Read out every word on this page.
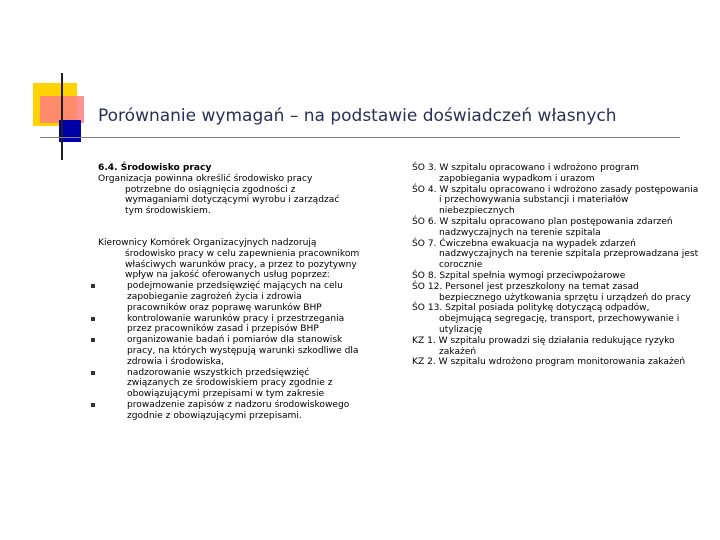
Porównanie wymagań – na podstawie doświadczeń własnych

6.4. Środowisko pracy

Organizacja powinna określić środowisko pracy potrzebne do osiągnięcia zgodności z wymaganiami dotyczącymi wyrobu i zarządzać tym środowiskiem.

Kierownicy Komórek Organizacyjnych nadzorują środowisko pracy w celu zapewnienia pracownikom właściwych warunków pracy, a przez to pozytywny wpływ na jakość oferowanych usług poprzez:

podejmowanie przedsięwzięć mających na celu zapobieganie zagrożeń życia i zdrowia pracowników oraz poprawę warunków BHP
kontrolowanie warunków pracy i przestrzegania przez pracowników zasad i przepisów BHP
organizowanie badań i pomiarów dla stanowisk pracy, na których występują warunki szkodliwe dla zdrowia i środowiska,
nadzorowanie wszystkich przedsięwzięć związanych ze środowiskiem pracy zgodnie z obowiązującymi przepisami w tym zakresie
prowadzenie zapisów z nadzoru środowiskowego zgodnie z obowiązującymi przepisami.
ŚO 3. W szpitalu opracowano i wdrożono program zapobiegania wypadkom i urazom
ŚO 4. W szpitalu opracowano i wdrożono zasady postępowania i przechowywania substancji i materiałów niebezpiecznych
ŚO 6. W szpitalu opracowano plan postępowania zdarzeń nadzwyczajnych na terenie szpitala
ŚO 7. Ćwiczebna ewakuacja na wypadek zdarzeń nadzwyczajnych na terenie szpitala przeprowadzana jest corocznie
ŚO 8. Szpital spełnia wymogi przeciwpożarowe
ŚO 12. Personel jest przeszkolony na temat zasad bezpiecznego użytkowania sprzętu i urządzeń do pracy
ŚO 13. Szpital posiada politykę dotyczącą odpadów, obejmującą segregację, transport, przechowywanie i utylizację
KZ 1. W szpitalu prowadzi się działania redukujące ryzyko zakażeń
KZ 2. W szpitalu wdrożono program monitorowania zakażeń
